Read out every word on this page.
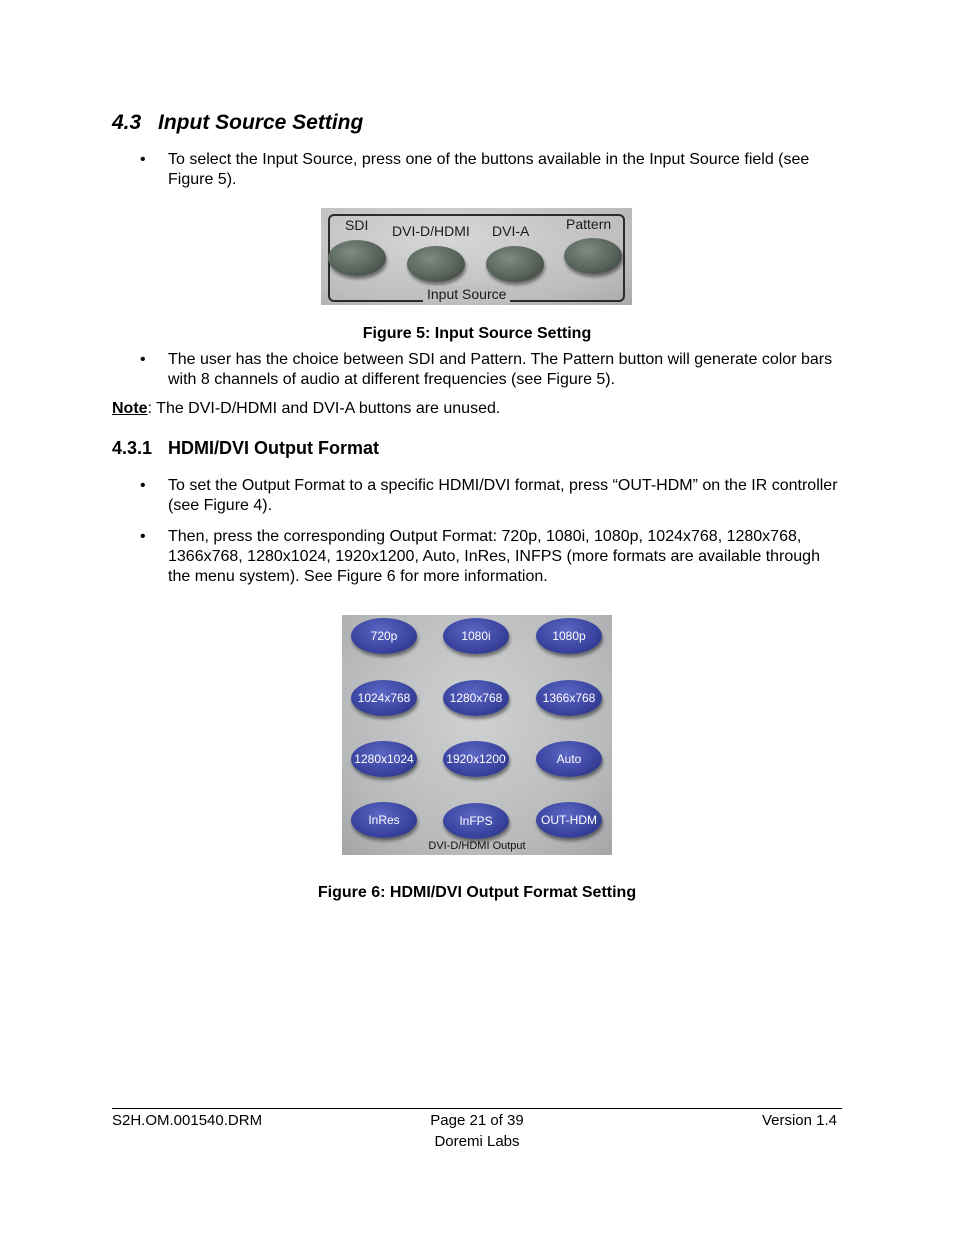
4.3 Input Source Setting
• To select the Input Source, press one of the buttons available in the Input Source field (see Figure 5).
SDI DVI-D/HDMI DVI-A	Pattern
Input Source
Figure 5: Input Source Setting
• The user has the choice between SDI and Pattern. The Pattern button will generate color bars with 8 channels of audio at different frequencies (see Figure 5).
Note: The DVI-D/HDMI and DVI-A buttons are unused.
4.3.1 HDMI/DVI Output Format
• To set the Output Format to a specific HDMI/DVI format, press “OUT-HDM” on the IR controller (see Figure 4).
• Then, press the corresponding Output Format: 720p, 1080i, 1080p, 1024x768, 1280x768, 1366x768, 1280x1024, 1920x1200, Auto, InRes, INFPS (more formats are available through the menu system). See Figure 6 for more information.
720p	1080i	1080p
1024x768	1280x768	1366x768
1280x1024	1920x1200	Auto
InRes	InFPS	OUT-HDM
DVI-D/HDMI Output
Figure 6: HDMI/DVI Output Format Setting
S2H.OM.001540.DRM	Page 21 of 39
Doremi Labs
Version 1.4
